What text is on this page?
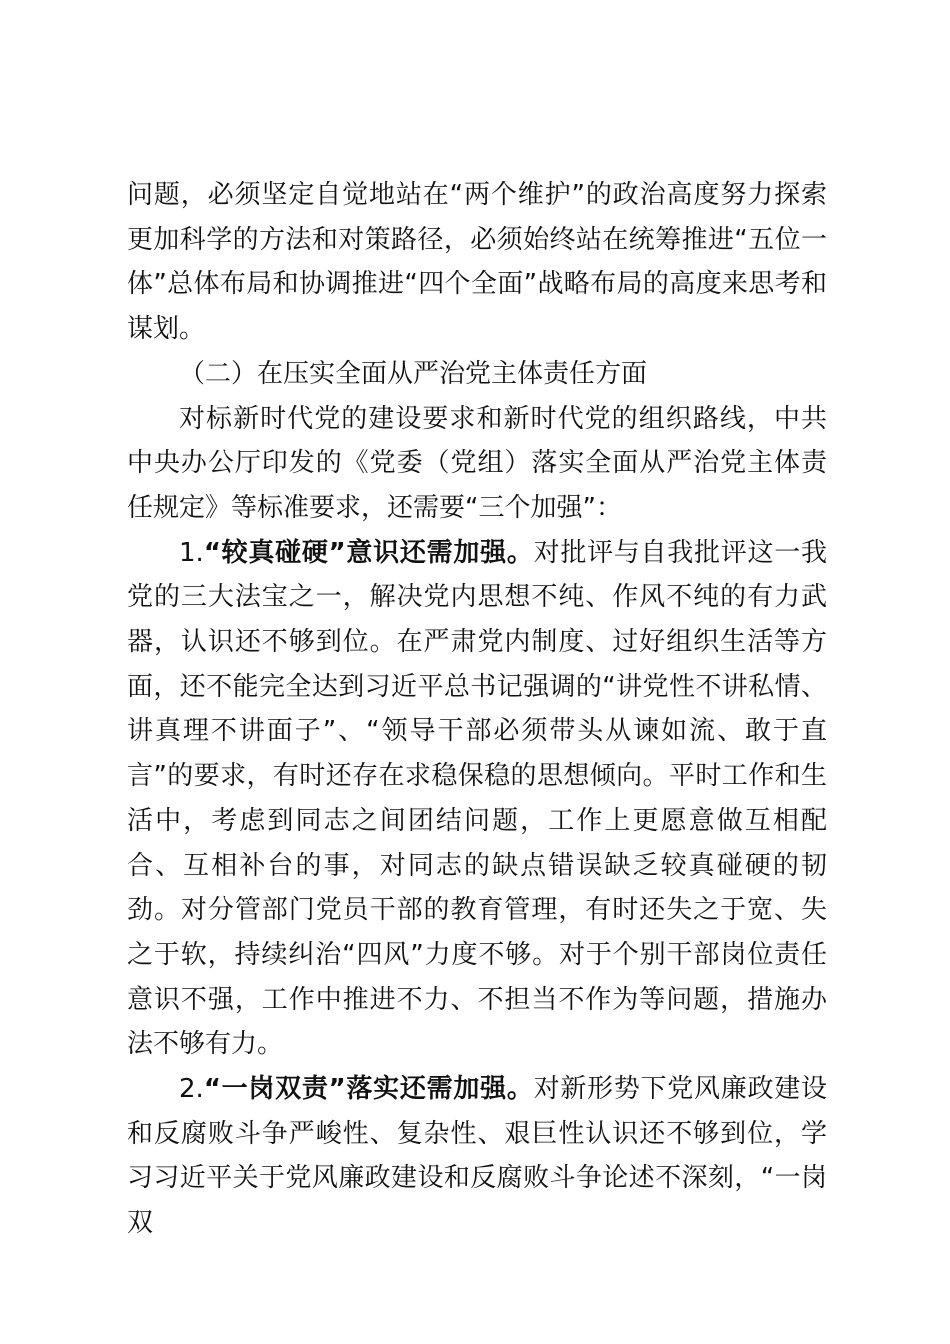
问题，必须坚定自觉地站在“两个维护”的政治高度努力探索更加科学的方法和对策路径，必须始终站在统筹推进“五位一体”总体布局和协调推进“四个全面”战略布局的高度来思考和谋划。

（二）在压实全面从严治党主体责任方面

对标新时代党的建设要求和新时代党的组织路线，中共中央办公厅印发的《党委（党组）落实全面从严治党主体责任规定》等标准要求，还需要“三个加强”：

1.“较真碰硬”意识还需加强。对批评与自我批评这一我党的三大法宝之一，解决党内思想不纯、作风不纯的有力武器，认识还不够到位。在严肃党内制度、过好组织生活等方面，还不能完全达到习近平总书记强调的“讲党性不讲私情、讲真理不讲面子”、“领导干部必须带头从谏如流、敢于直言”的要求，有时还存在求稳保稳的思想倾向。平时工作和生活中，考虑到同志之间团结问题，工作上更愿意做互相配合、互相补台的事，对同志的缺点错误缺乏较真碰硬的韧劲。对分管部门党员干部的教育管理，有时还失之于宽、失之于软，持续纠治“四风”力度不够。对于个别干部岗位责任意识不强，工作中推进不力、不担当不作为等问题，措施办法不够有力。

2.“一岗双责”落实还需加强。对新形势下党风廉政建设和反腐败斗争严峻性、复杂性、艰巨性认识还不够到位，学习习近平关于党风廉政建设和反腐败斗争论述不深刻，“一岗双
